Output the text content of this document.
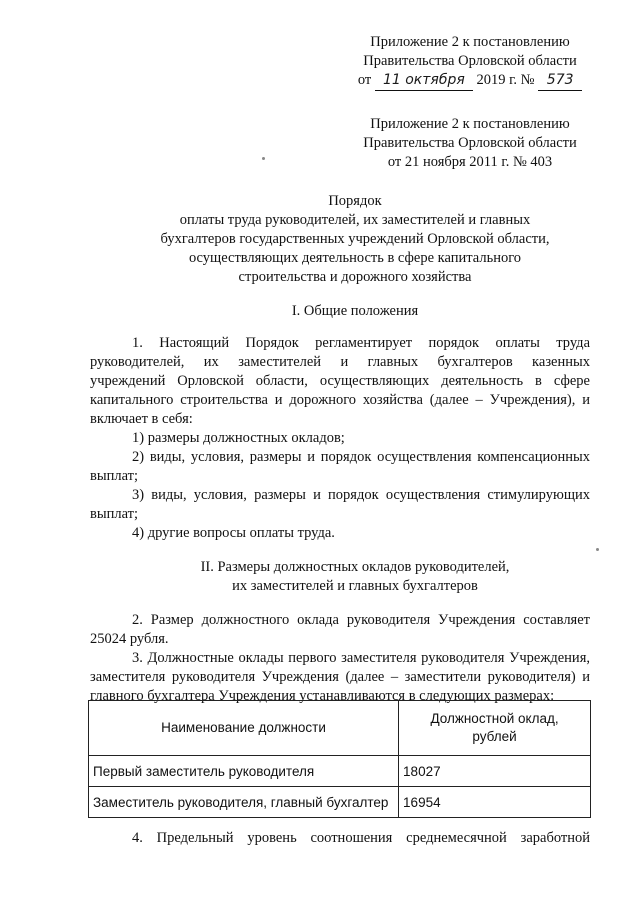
Приложение 2 к постановлению
Правительства Орловской области
от 11 октября 2019 г. № 573
Приложение 2 к постановлению
Правительства Орловской области
от 21 ноября 2011 г. № 403
Порядок
оплаты труда руководителей, их заместителей и главных
бухгалтеров государственных учреждений Орловской области,
осуществляющих деятельность в сфере капитального
строительства и дорожного хозяйства
I. Общие положения
1. Настоящий Порядок регламентирует порядок оплаты труда
руководителей, их заместителей и главных бухгалтеров казенных
учреждений Орловской области, осуществляющих деятельность в сфере
капитального строительства и дорожного хозяйства (далее – Учреждения), и
включает в себя:
1) размеры должностных окладов;
2) виды, условия, размеры и порядок осуществления компенсационных
выплат;
3) виды, условия, размеры и порядок осуществления стимулирующих
выплат;
4) другие вопросы оплаты труда.
II. Размеры должностных окладов руководителей,
их заместителей и главных бухгалтеров
2. Размер должностного оклада руководителя Учреждения составляет
25024 рубля.
3. Должностные оклады первого заместителя руководителя Учреждения,
заместителя руководителя Учреждения (далее – заместители руководителя) и
главного бухгалтера Учреждения устанавливаются в следующих размерах:
Наименование должности	Должностной оклад,
рублей

Первый заместитель руководителя	18027
Заместитель руководителя, главный бухгалтер	16954
4. Предельный уровень соотношения среднемесячной заработной
